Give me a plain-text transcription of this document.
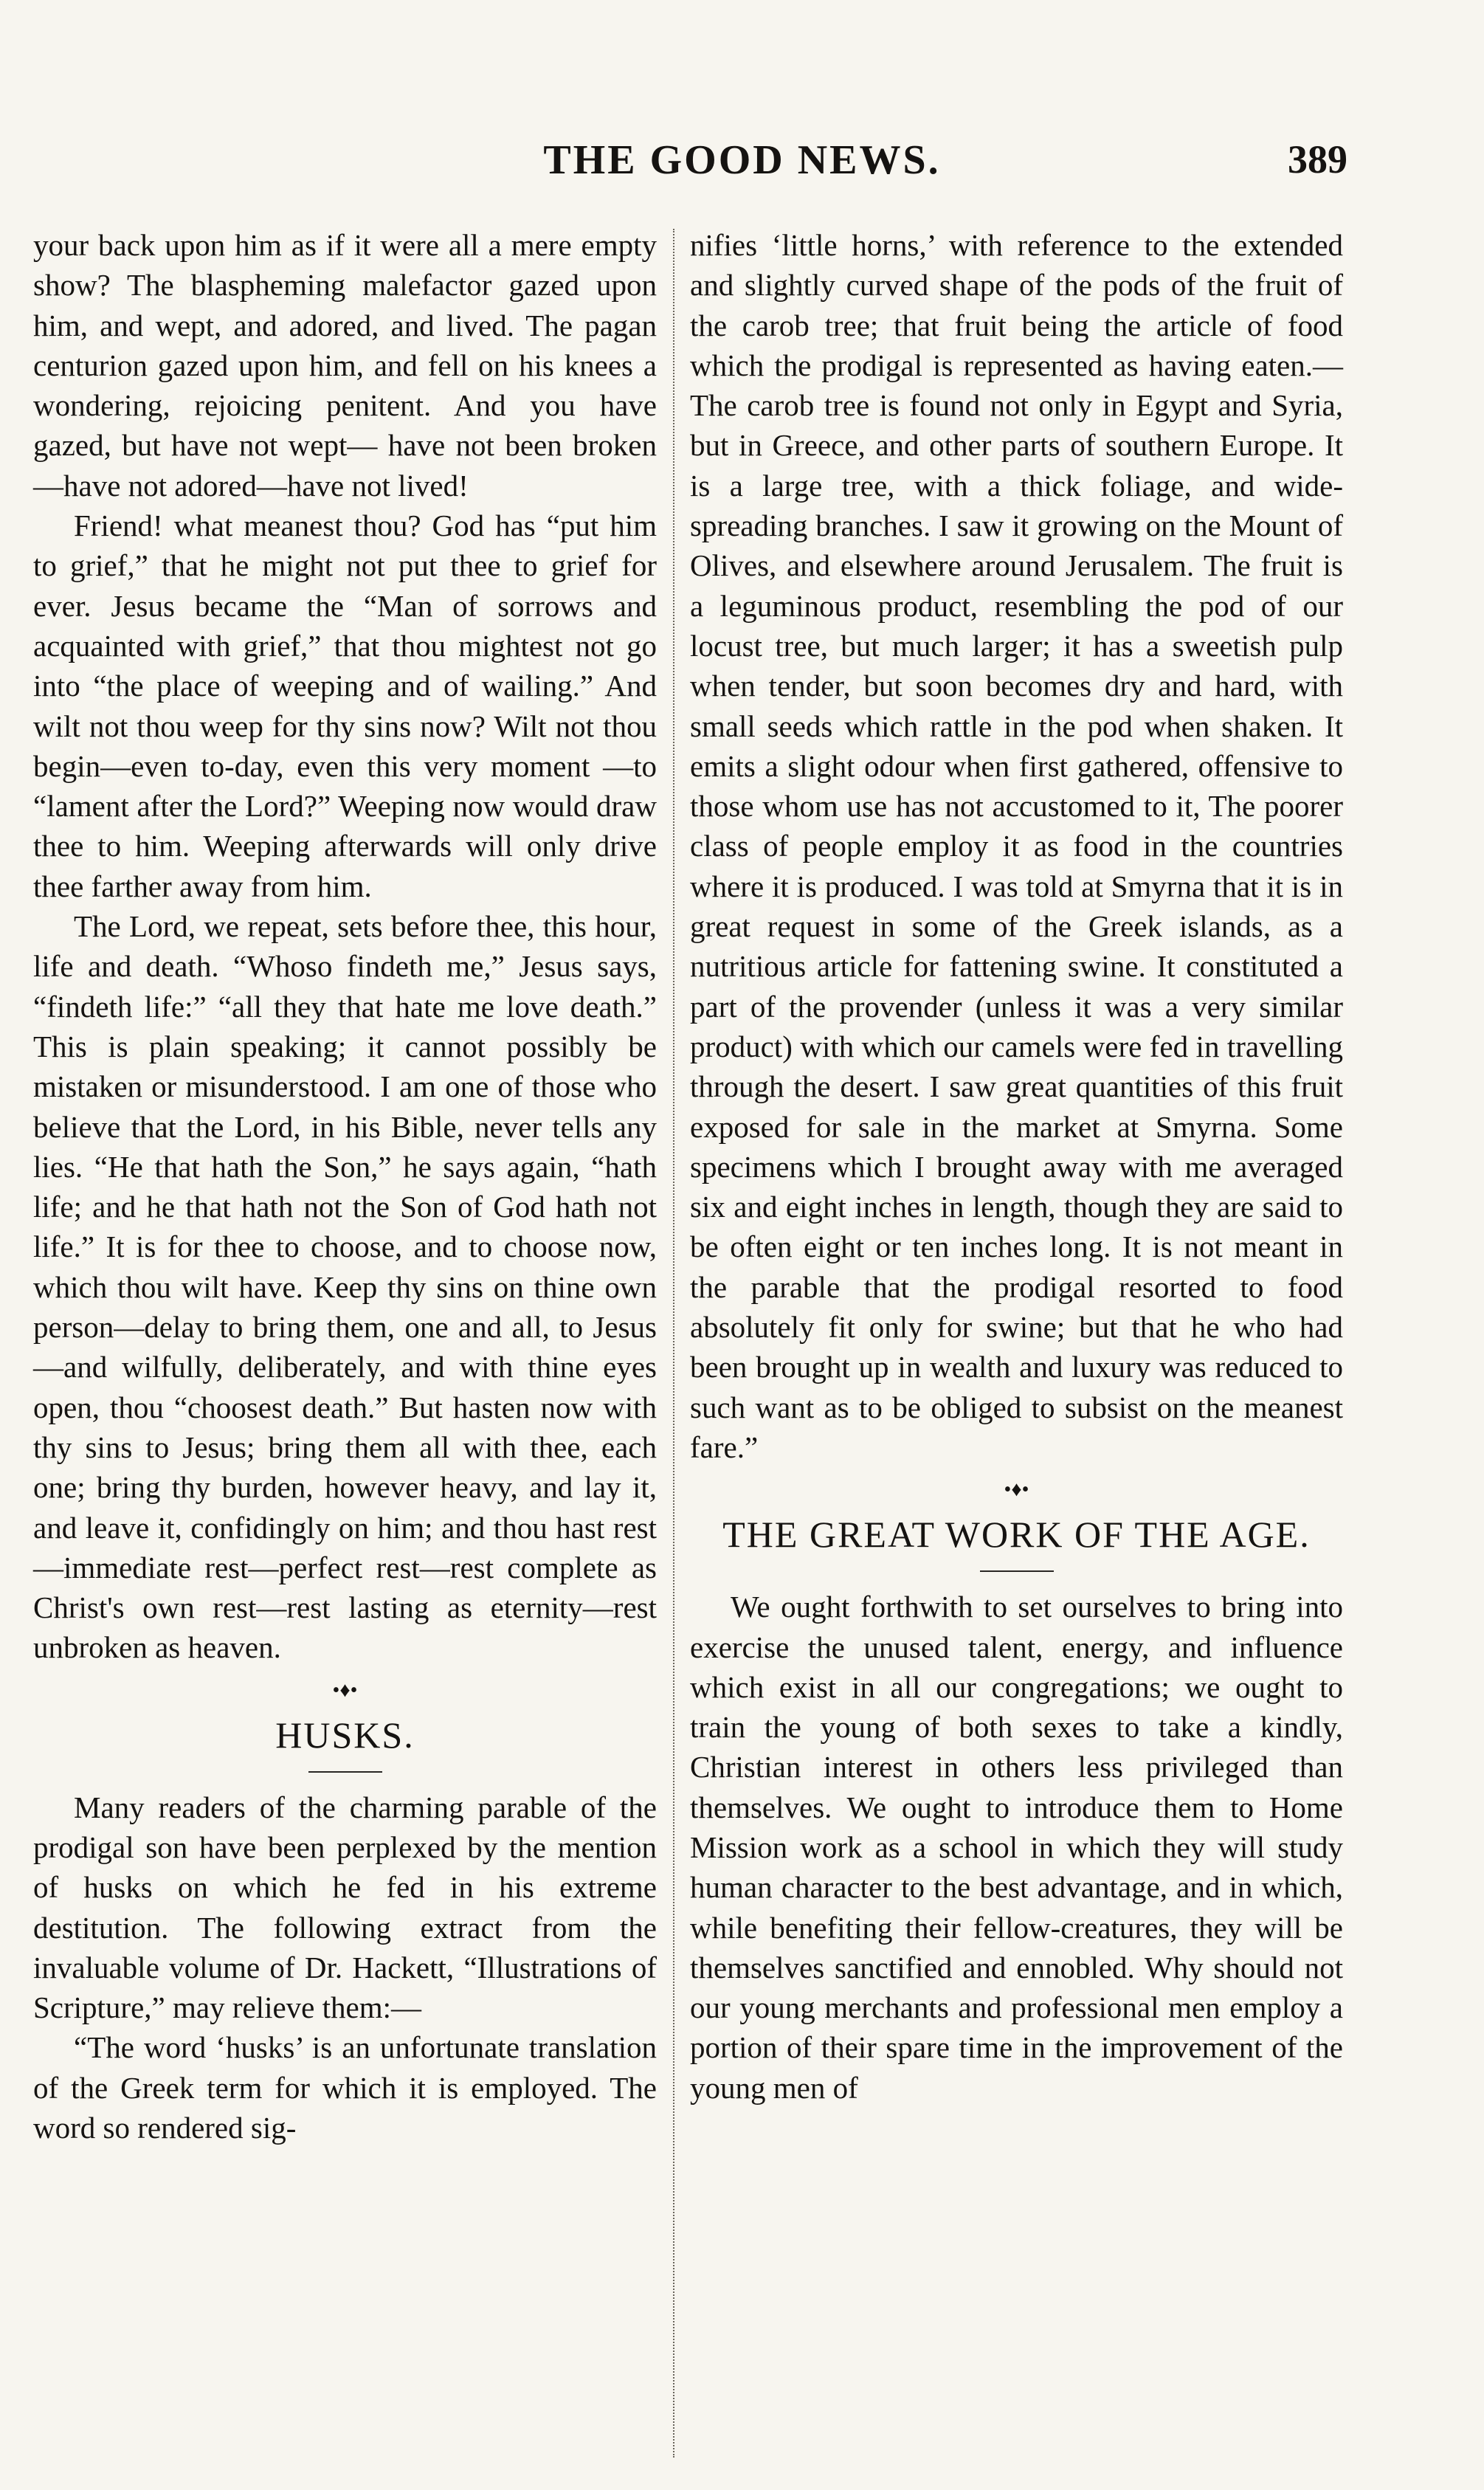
THE GOOD NEWS.	389

your back upon him as if it were all a mere empty show? The blaspheming malefactor gazed upon him, and wept, and adored, and lived. The pagan centurion gazed upon him, and fell on his knees a wondering, rejoicing penitent. And you have gazed, but have not wept— have not been broken —have not adored—have not lived!

Friend! what meanest thou? God has “put him to grief,” that he might not put thee to grief for ever. Jesus became the “Man of sorrows and acquainted with grief,” that thou mightest not go into “the place of weeping and of wailing.” And wilt not thou weep for thy sins now? Wilt not thou begin—even to-day, even this very moment —to “lament after the Lord?” Weeping now would draw thee to him. Weeping afterwards will only drive thee farther away from him.

The Lord, we repeat, sets before thee, this hour, life and death. “Whoso findeth me,” Jesus says, “findeth life:” “all they that hate me love death.” This is plain speaking; it cannot possibly be mistaken or misunderstood. I am one of those who believe that the Lord, in his Bible, never tells any lies. “He that hath the Son,” he says again, “hath life; and he that hath not the Son of God hath not life.” It is for thee to choose, and to choose now, which thou wilt have. Keep thy sins on thine own person—delay to bring them, one and all, to Jesus—and wilfully, deliberately, and with thine eyes open, thou “choosest death.” But hasten now with thy sins to Jesus; bring them all with thee, each one; bring thy burden, however heavy, and lay it, and leave it, confidingly on him; and thou hast rest—immediate rest—perfect rest—rest complete as Christ's own rest—rest lasting as eternity—rest unbroken as heaven.

•♦•
HUSKS.

Many readers of the charming parable of the prodigal son have been perplexed by the mention of husks on which he fed in his extreme destitution. The following extract from the invaluable volume of Dr. Hackett, “Illustrations of Scripture,” may relieve them:—

“The word ‘husks’ is an unfortunate translation of the Greek term for which it is employed. The word so rendered sig-

nifies ‘little horns,’ with reference to the extended and slightly curved shape of the pods of the fruit of the carob tree; that fruit being the article of food which the prodigal is represented as having eaten.—The carob tree is found not only in Egypt and Syria, but in Greece, and other parts of southern Europe. It is a large tree, with a thick foliage, and wide-spreading branches. I saw it growing on the Mount of Olives, and elsewhere around Jerusalem. The fruit is a leguminous product, resembling the pod of our locust tree, but much larger; it has a sweetish pulp when tender, but soon becomes dry and hard, with small seeds which rattle in the pod when shaken. It emits a slight odour when first gathered, offensive to those whom use has not accustomed to it, The poorer class of people employ it as food in the countries where it is produced. I was told at Smyrna that it is in great request in some of the Greek islands, as a nutritious article for fattening swine. It constituted a part of the provender (unless it was a very similar product) with which our camels were fed in travelling through the desert. I saw great quantities of this fruit exposed for sale in the market at Smyrna. Some specimens which I brought away with me averaged six and eight inches in length, though they are said to be often eight or ten inches long. It is not meant in the parable that the prodigal resorted to food absolutely fit only for swine; but that he who had been brought up in wealth and luxury was reduced to such want as to be obliged to subsist on the meanest fare.”

•♦•
THE GREAT WORK OF THE AGE.

We ought forthwith to set ourselves to bring into exercise the unused talent, energy, and influence which exist in all our congregations; we ought to train the young of both sexes to take a kindly, Christian interest in others less privileged than themselves. We ought to introduce them to Home Mission work as a school in which they will study human character to the best advantage, and in which, while benefiting their fellow-creatures, they will be themselves sanctified and ennobled. Why should not our young merchants and professional men employ a portion of their spare time in the improvement of the young men of
